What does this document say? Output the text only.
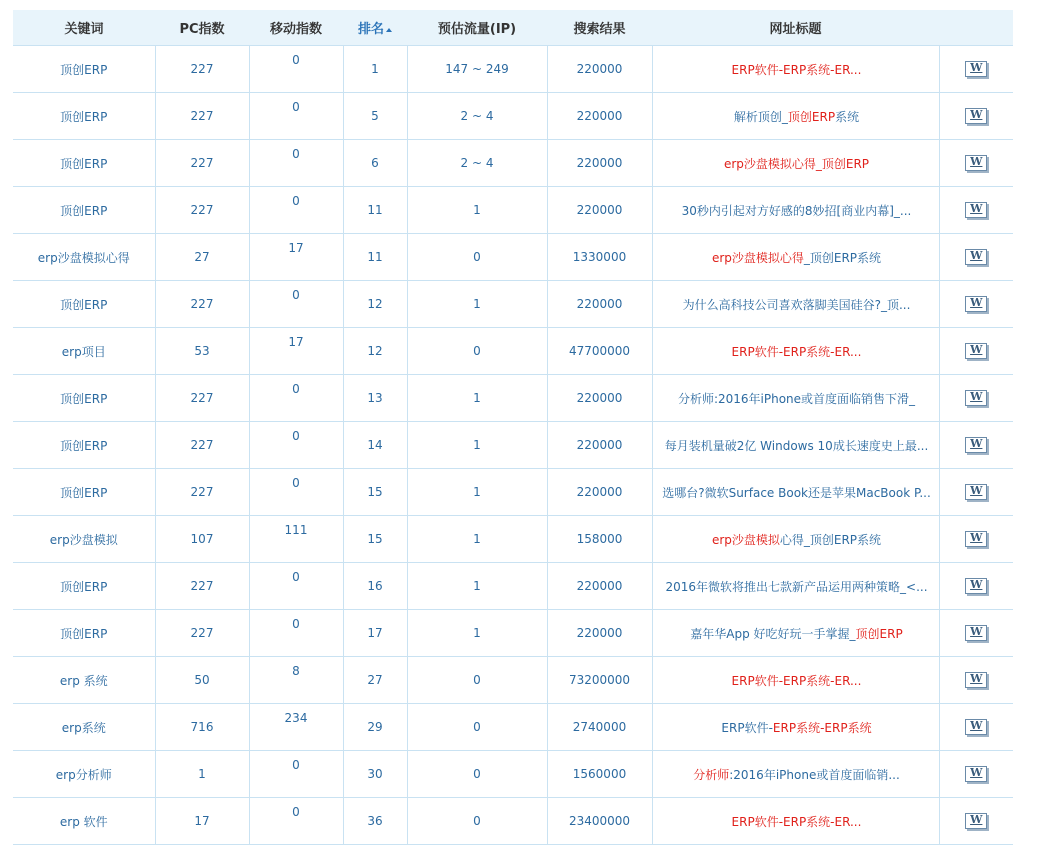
关键词	PC指数	移动指数	排名	预估流量(IP)	搜索结果	网址标题	
顶创ERP	227	0	1	147 ~ 249	220000	ERP软件-ERP系统-ER...	W

顶创ERP	227	0	5	2 ~ 4	220000	解析顶创_顶创ERP系统	W

顶创ERP	227	0	6	2 ~ 4	220000	erp沙盘模拟心得_顶创ERP	W

顶创ERP	227	0	11	1	220000	30秒内引起对方好感的8妙招[商业内幕]_...	W

erp沙盘模拟心得	27	17	11	0	1330000	erp沙盘模拟心得_顶创ERP系统	W

顶创ERP	227	0	12	1	220000	为什么高科技公司喜欢落脚美国硅谷?_顶...	W

erp项目	53	17	12	0	47700000	ERP软件-ERP系统-ER...	W

顶创ERP	227	0	13	1	220000	分析师:2016年iPhone或首度面临销售下滑_	W

顶创ERP	227	0	14	1	220000	每月装机量破2亿 Windows 10成长速度史上最...	W

顶创ERP	227	0	15	1	220000	选哪台?微软Surface Book还是苹果MacBook P...	W

erp沙盘模拟	107	111	15	1	158000	erp沙盘模拟心得_顶创ERP系统	W

顶创ERP	227	0	16	1	220000	2016年微软将推出七款新产品运用两种策略_<...	W

顶创ERP	227	0	17	1	220000	嘉年华App 好吃好玩一手掌握_顶创ERP	W

erp 系统	50	8	27	0	73200000	ERP软件-ERP系统-ER...	W

erp系统	716	234	29	0	2740000	ERP软件-ERP系统-ERP系统	W

erp分析师	1	0	30	0	1560000	分析师:2016年iPhone或首度面临销...	W

erp 软件	17	0	36	0	23400000	ERP软件-ERP系统-ER...	W
